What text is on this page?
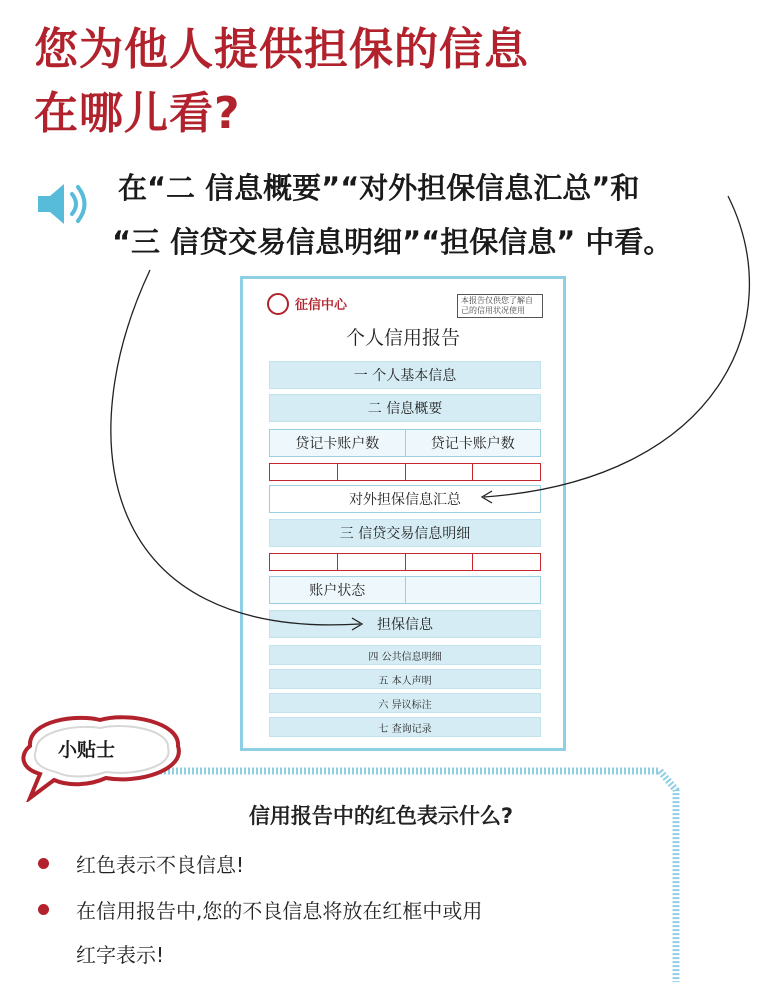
您为他人提供担保的信息
在哪儿看?
在“二 信息概要”“对外担保信息汇总”和
“三 信贷交易信息明细”“担保信息” 中看。
征信中心	本报告仅供您了解自己的信用状况使用
个人信用报告
一 个人基本信息
二 信息概要
贷记卡账户数	贷记卡账户数
对外担保信息汇总
三 信贷交易信息明细
账户状态
担保信息
四 公共信息明细
五 本人声明
六 异议标注
七 查询记录
小贴士
信用报告中的红色表示什么?
红色表示不良信息!
在信用报告中,您的不良信息将放在红框中或用
红字表示!
